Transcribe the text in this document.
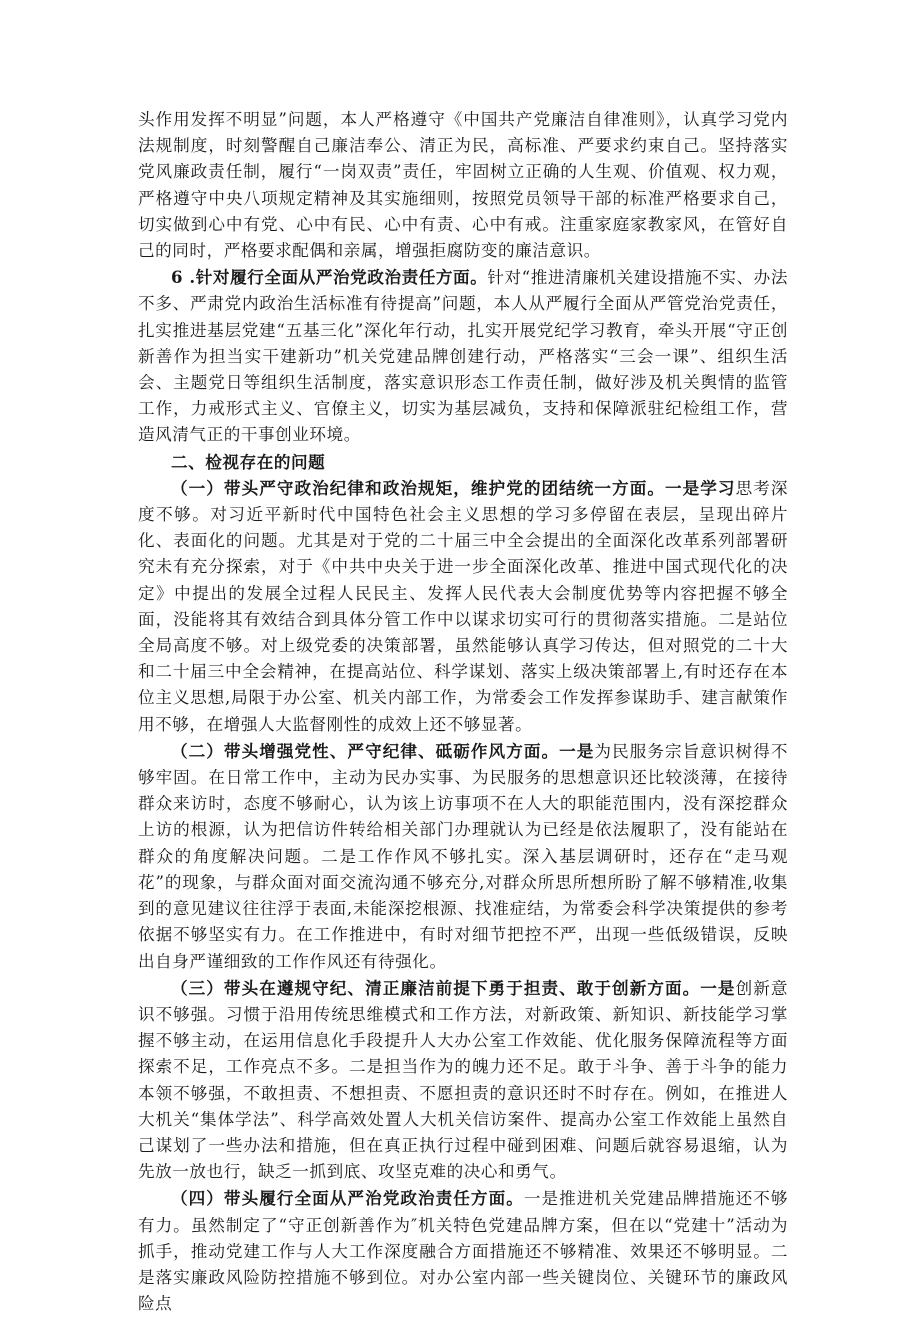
头作用发挥不明显”问题，本人严格遵守《中国共产党廉洁自律准则》，认真学习党内法规制度，时刻警醒自己廉洁奉公、清正为民，高标准、严要求约束自己。坚持落实党风廉政责任制，履行“一岗双责”责任，牢固树立正确的人生观、价值观、权力观，严格遵守中央八项规定精神及其实施细则，按照党员领导干部的标准严格要求自己，切实做到心中有党、心中有民、心中有责、心中有戒。注重家庭家教家风，在管好自己的同时，严格要求配偶和亲属，增强拒腐防变的廉洁意识。

6 .针对履行全面从严治党政治责任方面。针对“推进清廉机关建设措施不实、办法不多、严肃党内政治生活标准有待提高”问题，本人从严履行全面从严管党治党责任，扎实推进基层党建“五基三化”深化年行动，扎实开展党纪学习教育，牵头开展“守正创新善作为担当实干建新功”机关党建品牌创建行动，严格落实“三会一课”、组织生活会、主题党日等组织生活制度，落实意识形态工作责任制，做好涉及机关舆情的监管工作，力戒形式主义、官僚主义，切实为基层减负，支持和保障派驻纪检组工作，营造风清气正的干事创业环境。

二、检视存在的问题

（一）带头严守政治纪律和政治规矩，维护党的团结统一方面。一是学习思考深度不够。对习近平新时代中国特色社会主义思想的学习多停留在表层，呈现出碎片化、表面化的问题。尤其是对于党的二十届三中全会提出的全面深化改革系列部署研究未有充分探索，对于《中共中央关于进一步全面深化改革、推进中国式现代化的决定》中提出的发展全过程人民民主、发挥人民代表大会制度优势等内容把握不够全面，没能将其有效结合到具体分管工作中以谋求切实可行的贯彻落实措施。二是站位全局高度不够。对上级党委的决策部署，虽然能够认真学习传达，但对照党的二十大和二十届三中全会精神，在提高站位、科学谋划、落实上级决策部署上,有时还存在本位主义思想,局限于办公室、机关内部工作，为常委会工作发挥参谋助手、建言献策作用不够，在增强人大监督刚性的成效上还不够显著。

（二）带头增强党性、严守纪律、砥砺作风方面。一是为民服务宗旨意识树得不够牢固。在日常工作中，主动为民办实事、为民服务的思想意识还比较淡薄，在接待群众来访时，态度不够耐心，认为该上访事项不在人大的职能范围内，没有深挖群众上访的根源，认为把信访件转给相关部门办理就认为已经是依法履职了，没有能站在群众的角度解决问题。二是工作作风不够扎实。深入基层调研时，还存在“走马观花”的现象，与群众面对面交流沟通不够充分,对群众所思所想所盼了解不够精准,收集到的意见建议往往浮于表面,未能深挖根源、找准症结，为常委会科学决策提供的参考依据不够坚实有力。在工作推进中，有时对细节把控不严，出现一些低级错误，反映出自身严谨细致的工作作风还有待强化。

（三）带头在遵规守纪、清正廉洁前提下勇于担责、敢于创新方面。一是创新意识不够强。习惯于沿用传统思维模式和工作方法，对新政策、新知识、新技能学习掌握不够主动，在运用信息化手段提升人大办公室工作效能、优化服务保障流程等方面探索不足，工作亮点不多。二是担当作为的魄力还不足。敢于斗争、善于斗争的能力本领不够强，不敢担责、不想担责、不愿担责的意识还时不时存在。例如，在推进人大机关“集体学法”、科学高效处置人大机关信访案件、提高办公室工作效能上虽然自己谋划了一些办法和措施，但在真正执行过程中碰到困难、问题后就容易退缩，认为先放一放也行，缺乏一抓到底、攻坚克难的决心和勇气。

（四）带头履行全面从严治党政治责任方面。一是推进机关党建品牌措施还不够有力。虽然制定了“守正创新善作为″机关特色党建品牌方案，但在以“党建十”活动为抓手，推动党建工作与人大工作深度融合方面措施还不够精准、效果还不够明显。二是落实廉政风险防控措施不够到位。对办公室内部一些关键岗位、关键环节的廉政风险点
